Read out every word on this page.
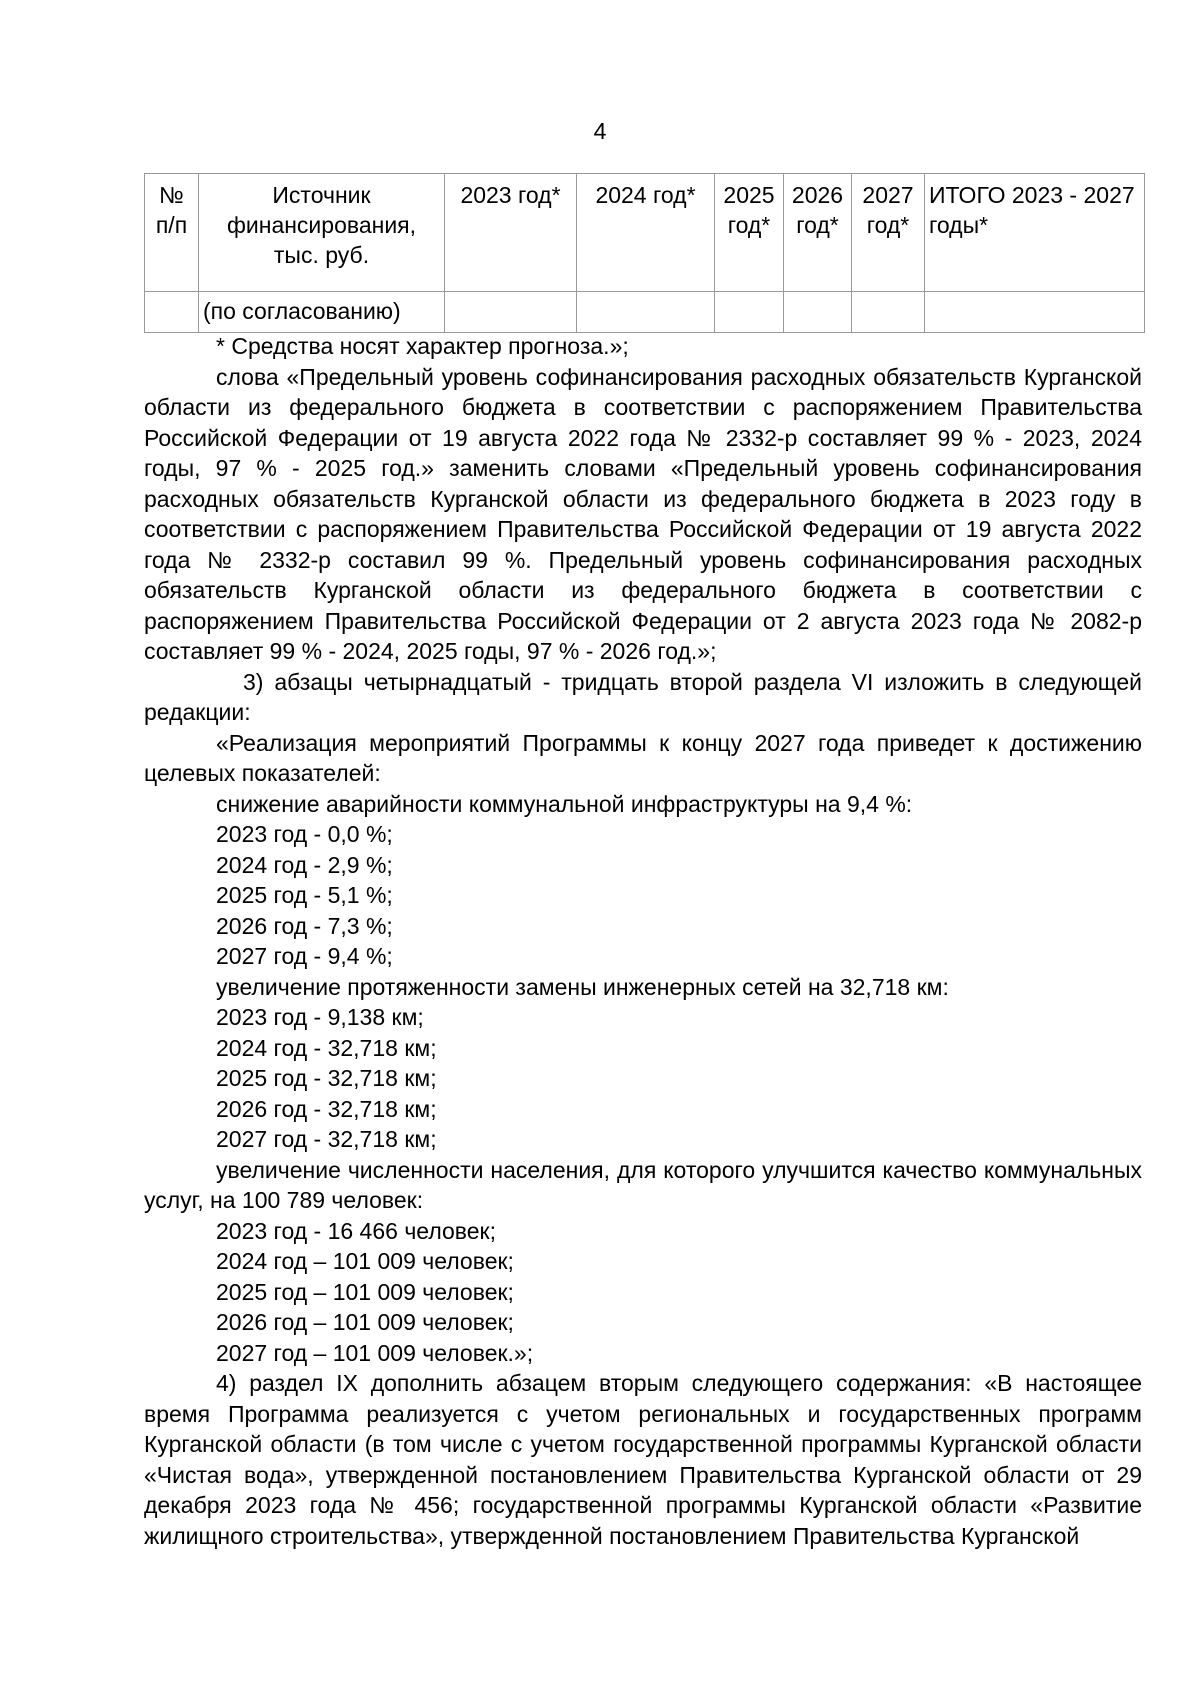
4
№ п/п	Источник финансирования, тыс. руб.	2023 год*	2024 год*	2025 год*	2026 год*	2027 год*	ИТОГО 2023 - 2027 годы*
	(по согласованию)						

* Средства носят характер прогноза.»;

слова «Предельный уровень софинансирования расходных обязательств Курганской области из федерального бюджета в соответствии с распоряжением Правительства Российской Федерации от 19 августа 2022 года № 2332-р составляет 99 % - 2023, 2024 годы, 97 % - 2025 год.» заменить словами «Предельный уровень софинансирования расходных обязательств Курганской области из федерального бюджета в 2023 году в соответствии с распоряжением Правительства Российской Федерации от 19 августа 2022 года № 2332-р составил 99 %. Предельный уровень софинансирования расходных обязательств Курганской области из федерального бюджета в соответствии с распоряжением Правительства Российской Федерации от 2 августа 2023 года № 2082-р составляет 99 % - 2024, 2025 годы, 97 % - 2026 год.»;

3) абзацы четырнадцатый - тридцать второй раздела VI изложить в следующей редакции:

«Реализация мероприятий Программы к концу 2027 года приведет к достижению целевых показателей:

снижение аварийности коммунальной инфраструктуры на 9,4 %:

2023 год - 0,0 %;

2024 год - 2,9 %;

2025 год - 5,1 %;

2026 год - 7,3 %;

2027 год - 9,4 %;

увеличение протяженности замены инженерных сетей на 32,718 км:

2023 год - 9,138 км;

2024 год - 32,718 км;

2025 год - 32,718 км;

2026 год - 32,718 км;

2027 год - 32,718 км;

увеличение численности населения, для которого улучшится качество коммунальных услуг, на 100 789 человек:

2023 год - 16 466 человек;

2024 год – 101 009 человек;

2025 год – 101 009 человек;

2026 год – 101 009 человек;

2027 год – 101 009 человек.»;

4) раздел IX дополнить абзацем вторым следующего содержания: «В настоящее время Программа реализуется с учетом региональных и государственных программ Курганской области (в том числе с учетом государственной программы Курганской области «Чистая вода», утвержденной постановлением Правительства Курганской области от 29 декабря 2023 года № 456; государственной программы Курганской области «Развитие жилищного строительства», утвержденной постановлением Правительства Курганской
